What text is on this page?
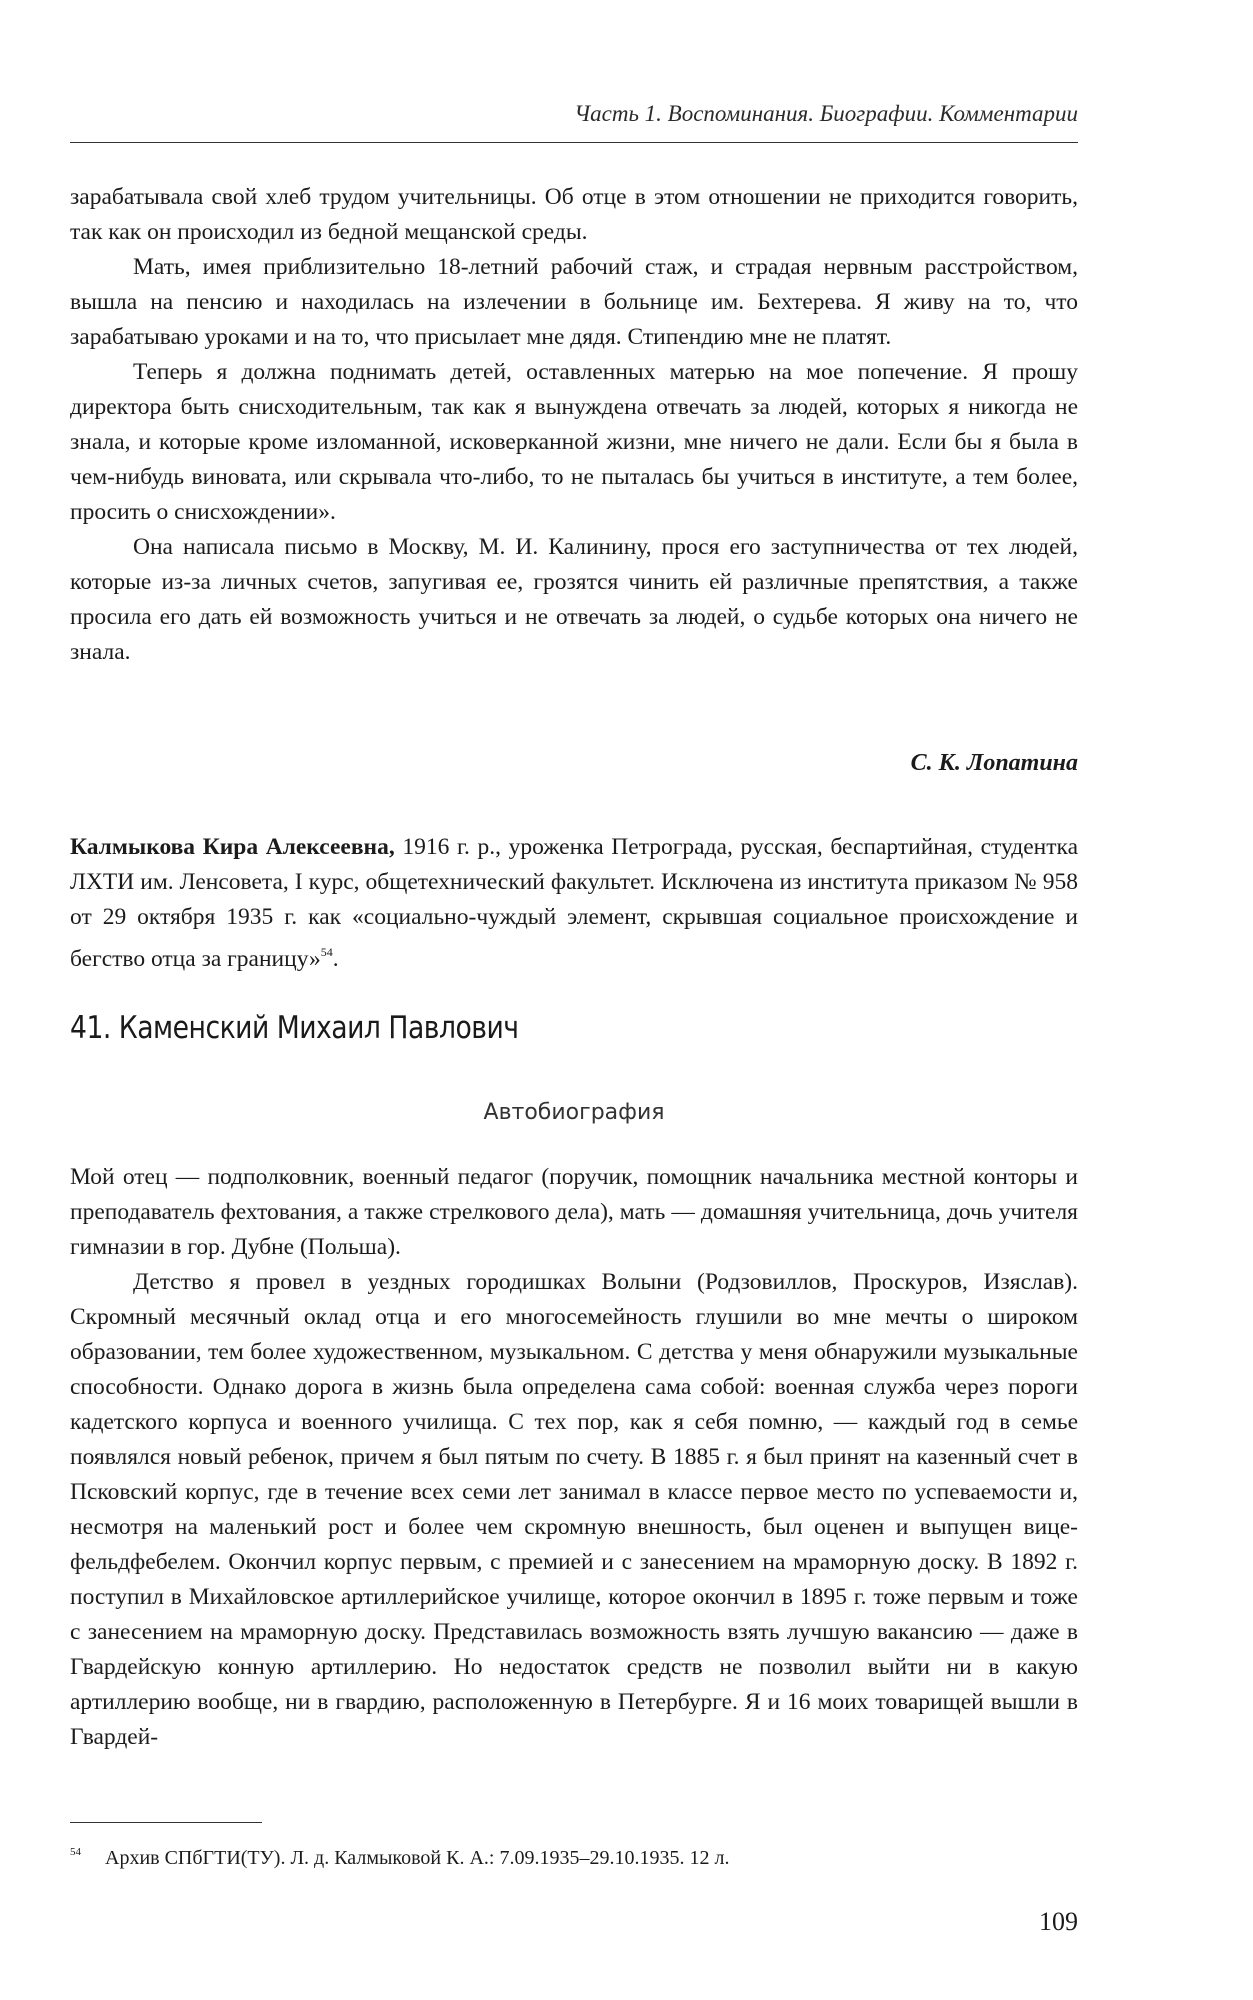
Часть 1. Воспоминания. Биографии. Комментарии

зарабатывала свой хлеб трудом учительницы. Об отце в этом отношении не приходится говорить, так как он происходил из бедной мещанской среды.

Мать, имея приблизительно 18-летний рабочий стаж, и страдая нервным расстройством, вышла на пенсию и находилась на излечении в больнице им. Бехтерева. Я живу на то, что зарабатываю уроками и на то, что присылает мне дядя. Стипендию мне не платят.

Теперь я должна поднимать детей, оставленных матерью на мое попечение. Я прошу директора быть снисходительным, так как я вынуждена отвечать за людей, которых я никогда не знала, и которые кроме изломанной, исковерканной жизни, мне ничего не дали. Если бы я была в чем-нибудь виновата, или скрывала что-либо, то не пыталась бы учиться в институте, а тем более, просить о снисхождении».

Она написала письмо в Москву, М. И. Калинину, прося его заступничества от тех людей, которые из-за личных счетов, запугивая ее, грозятся чинить ей различные препятствия, а также просила его дать ей возможность учиться и не отвечать за людей, о судьбе которых она ничего не знала.

С. К. Лопатина

Калмыкова Кира Алексеевна, 1916 г. р., уроженка Петрограда, русская, беспартийная, студентка ЛХТИ им. Ленсовета, I курс, общетехнический факультет. Исключена из института приказом № 958 от 29 октября 1935 г. как «социально-чуждый элемент, скрывшая социальное происхождение и бегство отца за границу»$^{54}$.

41. Каменский Михаил Павлович
Автобиография

Мой отец — подполковник, военный педагог (поручик, помощник начальника местной конторы и преподаватель фехтования, а также стрелкового дела), мать — домашняя учительница, дочь учителя гимназии в гор. Дубне (Польша).

Детство я провел в уездных городишках Волыни (Родзовиллов, Проскуров, Изяслав). Скромный месячный оклад отца и его многосемейность глушили во мне мечты о широком образовании, тем более художественном, музыкальном. С детства у меня обнаружили музыкальные способности. Однако дорога в жизнь была определена сама собой: военная служба через пороги кадетского корпуса и военного училища. С тех пор, как я себя помню, — каждый год в семье появлялся новый ребенок, причем я был пятым по счету. В 1885 г. я был принят на казенный счет в Псковский корпус, где в течение всех семи лет занимал в классе первое место по успеваемости и, несмотря на маленький рост и более чем скромную внешность, был оценен и выпущен вице-фельдфебелем. Окончил корпус первым, с премией и с занесением на мраморную доску. В 1892 г. поступил в Михайловское артиллерийское училище, которое окончил в 1895 г. тоже первым и тоже с занесением на мраморную доску. Представилась возможность взять лучшую вакансию — даже в Гвардейскую конную артиллерию. Но недостаток средств не позволил выйти ни в какую артиллерию вообще, ни в гвардию, расположенную в Петербурге. Я и 16 моих товарищей вышли в Гвардей-

$^{54}$ Архив СПбГТИ(ТУ). Л. д. Калмыковой К. А.: 7.09.1935–29.10.1935. 12 л.
109
